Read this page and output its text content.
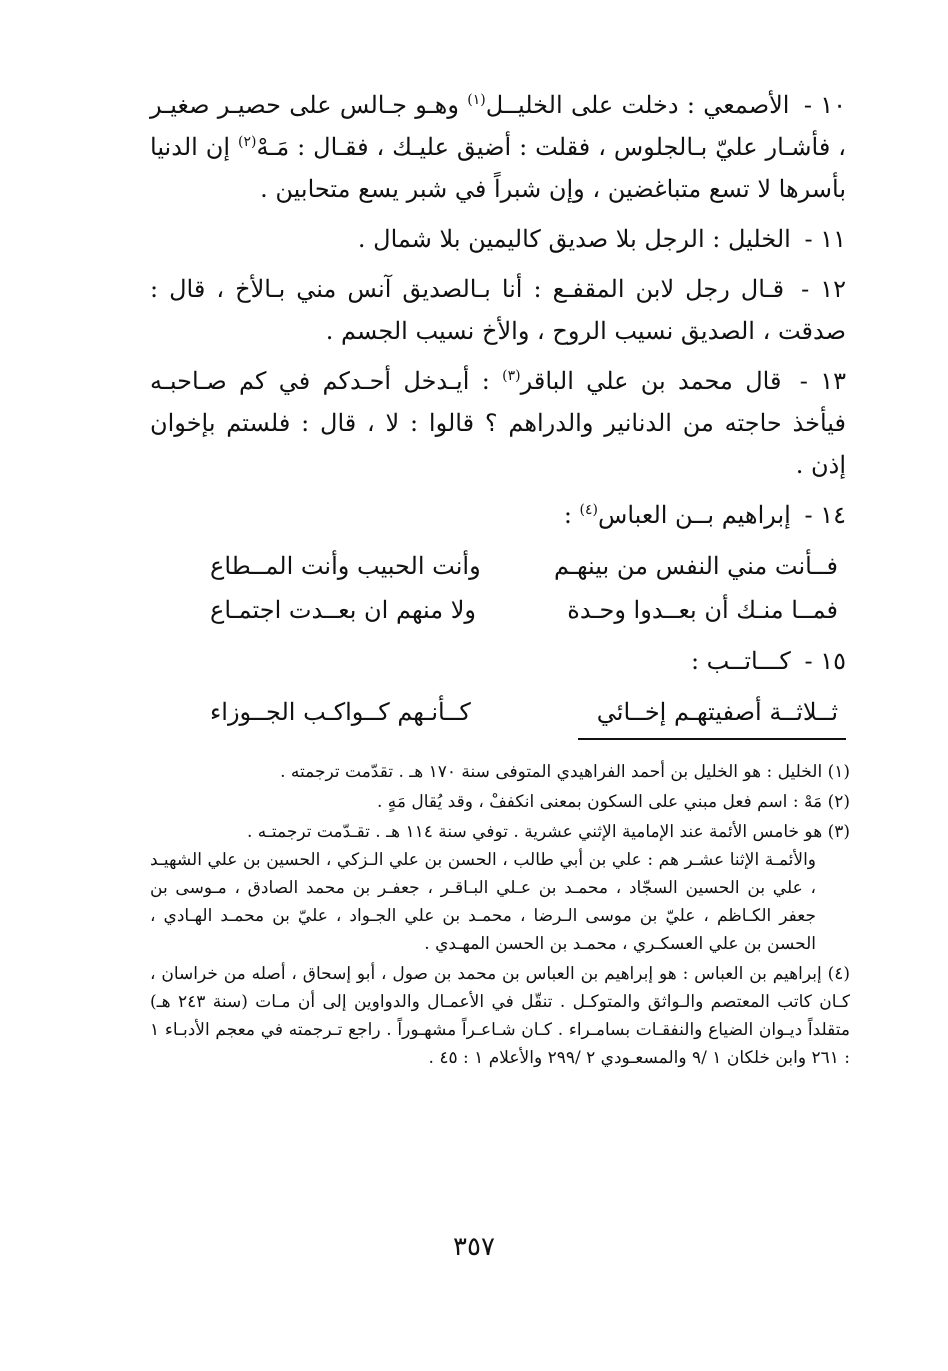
١٠ - الأصمعي : دخلت على الخليــل$^{(١)}$ وهـو جـالس على حصيـر صغيـر ، فأشـار عليّ بـالجلوس ، فقلت : أضيق عليـك ، فقـال : مَـهْ$^{(٢)}$ إن الدنيا بأسرها لا تسع متباغضين ، وإن شبراً في شبر يسع متحابين .

١١ - الخليل : الرجل بلا صديق كاليمين بلا شمال .

١٢ - قـال رجل لابن المقفـع : أنا بـالصديق آنس مني بـالأخ ، قال : صدقت ، الصديق نسيب الروح ، والأخ نسيب الجسم .

١٣ - قال محمد بن علي الباقر$^{(٣)}$ : أيـدخل أحـدكم في كم صـاحبـه فيأخذ حاجته من الدنانير والدراهم ؟ قالوا : لا ، قال : فلستم بإخوان إذن .

١٤ - إبراهيم بــن العباس$^{(٤)}$ :

فــأنت مني النفس من بينهـم
وأنت الحبيب وأنت المــطاع
فمــا منـك أن بعــدوا وحـدة
ولا منهم ان بعــدت اجتمـاع

١٥ - كـــاتــب :

ثــلاثــة أصفيتهـم إخــائي
كــأنـهم كــواكـب الجــوزاء
(١) الخليل : هو الخليل بن أحمد الفراهيدي المتوفى سنة ١٧٠ هـ . تقدّمت ترجمته .
(٢) مَهْ : اسم فعل مبني على السكون بمعنى انكففْ ، وقد يُقال مَهٍ .
(٣) هو خامس الأئمة عند الإمامية الإثني عشرية . توفي سنة ١١٤ هـ . تقـدّمت ترجمتـه .
والأئمـة الإثنا عشـر هم : علي بن أبي طالب ، الحسن بن علي الـزكي ، الحسين بن علي الشهيـد ، علي بن الحسين السجّاد ، محمـد بن عـلي البـاقـر ، جعفـر بن محمد الصادق ، مـوسى بن جعفر الكـاظم ، عليّ بن موسى الـرضا ، محمـد بن علي الجـواد ، عليّ بن محمـد الهـادي ، الحسن بن علي العسكـري ، محمـد بن الحسن المهـدي .
(٤) إبراهيم بن العباس : هو إبراهيم بن العباس بن محمد بن صول ، أبو إسحاق ، أصله من خراسان ، كـان كاتب المعتصم والـواثق والمتوكـل . تنقّل في الأعمـال والدواوين إلى أن مـات (سنة ٢٤٣ هـ) متقلداً ديـوان الضياع والنفقـات بسامـراء . كـان شـاعـراً مشهـوراً . راجع تـرجمته في معجم الأدبـاء ١ : ٢٦١ وابن خلكان ١ /٩ والمسعـودي ٢ /٢٩٩ والأعلام ١ : ٤٥ .
٣٥٧
